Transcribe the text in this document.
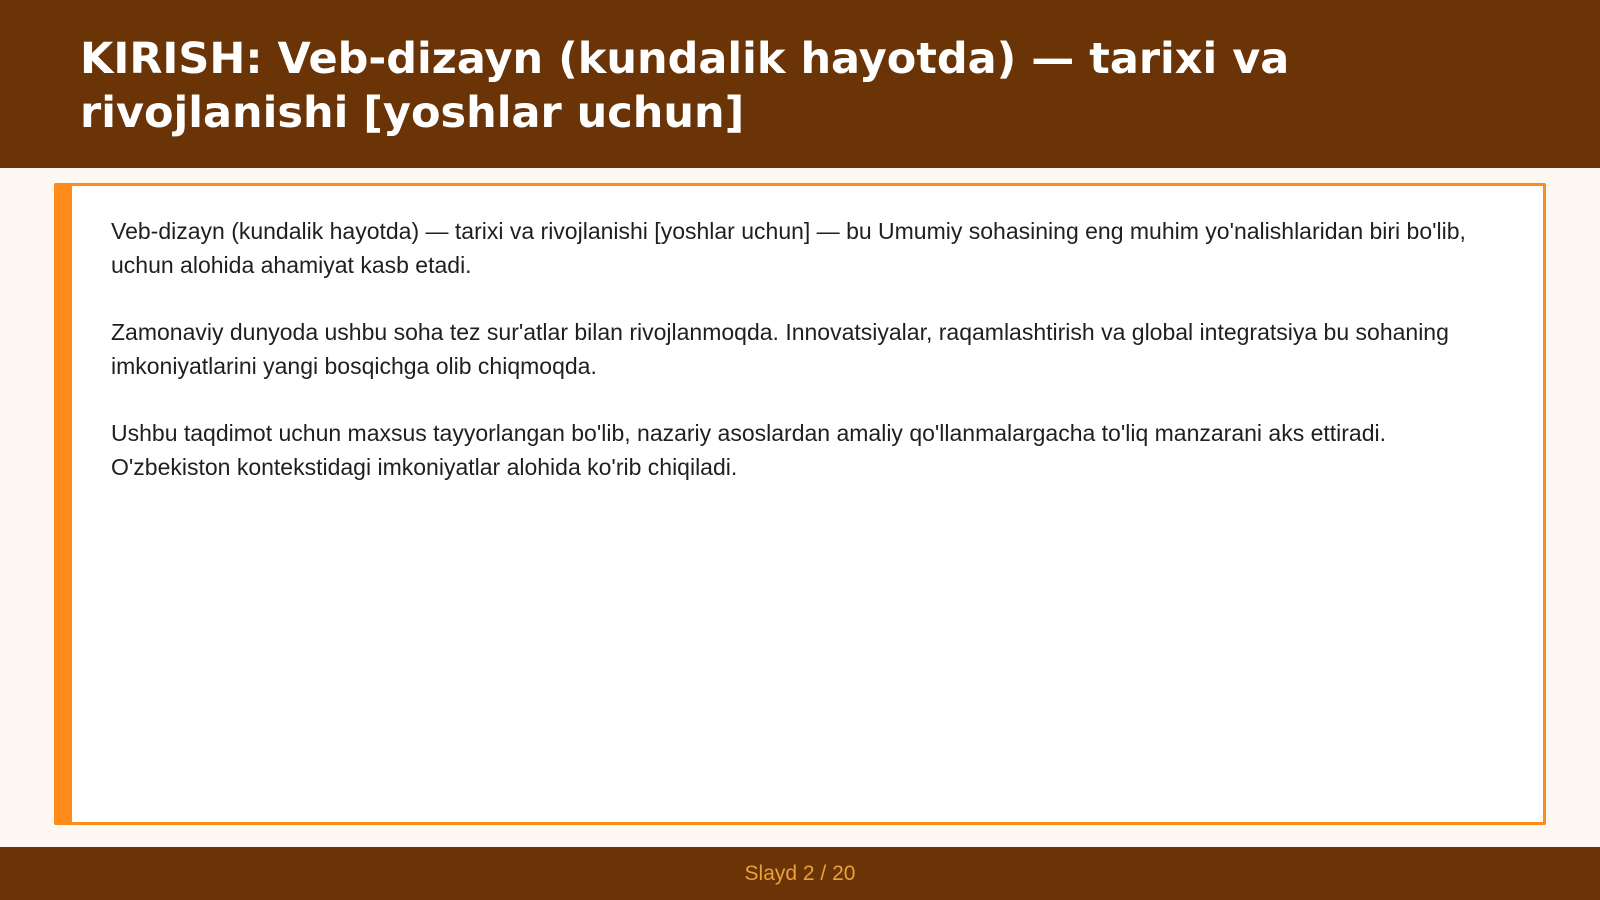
KIRISH: Veb-dizayn (kundalik hayotda) — tarixi va rivojlanishi [yoshlar uchun]

Veb-dizayn (kundalik hayotda) — tarixi va rivojlanishi [yoshlar uchun] — bu Umumiy sohasining eng muhim yo'nalishlaridan biri bo'lib, uchun alohida ahamiyat kasb etadi.

Zamonaviy dunyoda ushbu soha tez sur'atlar bilan rivojlanmoqda. Innovatsiyalar, raqamlashtirish va global integratsiya bu sohaning imkoniyatlarini yangi bosqichga olib chiqmoqda.

Ushbu taqdimot uchun maxsus tayyorlangan bo'lib, nazariy asoslardan amaliy qo'llanmalargacha to'liq manzarani aks ettiradi. O'zbekiston kontekstidagi imkoniyatlar alohida ko'rib chiqiladi.

Slayd 2 / 20
